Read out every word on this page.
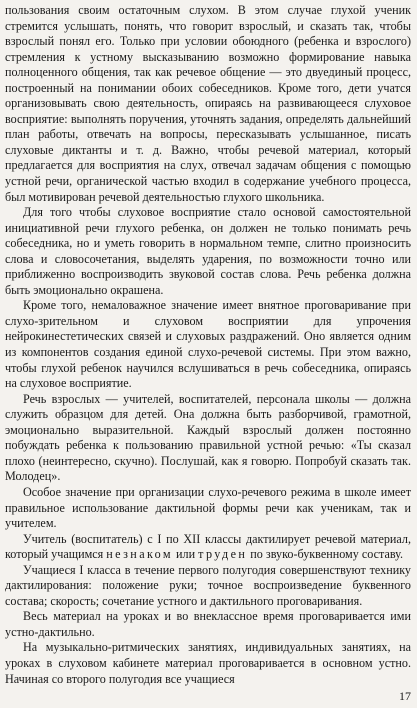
пользования своим остаточным слухом. В этом случае глухой ученик стремится услышать, понять, что говорит взрослый, и сказать так, чтобы взрослый понял его. Только при условии обоюдного (ребенка и взрослого) стремления к устному высказыванию возможно формирование навыка полноценного общения, так как речевое общение — это двуединый процесс, построенный на понимании обоих собеседников. Кроме того, дети учатся организовывать свою деятельность, опираясь на развивающееся слуховое восприятие: выполнять поручения, уточнять задания, определять дальнейший план работы, отвечать на вопросы, пересказывать услышанное, писать слуховые диктанты и т. д. Важно, чтобы речевой материал, который предлагается для восприятия на слух, отвечал задачам общения с помощью устной речи, органической частью входил в содержание учебного процесса, был мотивирован речевой деятельностью глухого школьника.

Для того чтобы слуховое восприятие стало основой самостоятельной инициативной речи глухого ребенка, он должен не только понимать речь собеседника, но и уметь говорить в нормальном темпе, слитно произносить слова и словосочетания, выделять ударения, по возможности точно или приближенно воспроизводить звуковой состав слова. Речь ребенка должна быть эмоционально окрашена.

Кроме того, немаловажное значение имеет внятное проговаривание при слухо-зрительном и слуховом восприятии для упрочения нейрокинестетических связей и слуховых раздражений. Оно является одним из компонентов создания единой слухо-речевой системы. При этом важно, чтобы глухой ребенок научился вслушиваться в речь собеседника, опираясь на слуховое восприятие.

Речь взрослых — учителей, воспитателей, персонала школы — должна служить образцом для детей. Она должна быть разборчивой, грамотной, эмоционально выразительной. Каждый взрослый должен постоянно побуждать ребенка к пользованию правильной устной речью: «Ты сказал плохо (неинтересно, скучно). Послушай, как я говорю. Попробуй сказать так. Молодец».

Особое значение при организации слухо-речевого режима в школе имеет правильное использование дактильной формы речи как ученикам, так и учителем.

Учитель (воспитатель) с I по XII классы дактилирует речевой материал, который учащимся незнаком или труден по звуко-буквенному составу.

Учащиеся I класса в течение первого полугодия совершенствуют технику дактилирования: положение руки; точное воспроизведение буквенного состава; скорость; сочетание устного и дактильного проговаривания.

Весь материал на уроках и во внеклассное время проговаривается ими устно-дактильно.

На музыкально-ритмических занятиях, индивидуальных занятиях, на уроках в слуховом кабинете материал проговаривается в основном устно. Начиная со второго полугодия все учащиеся

17
